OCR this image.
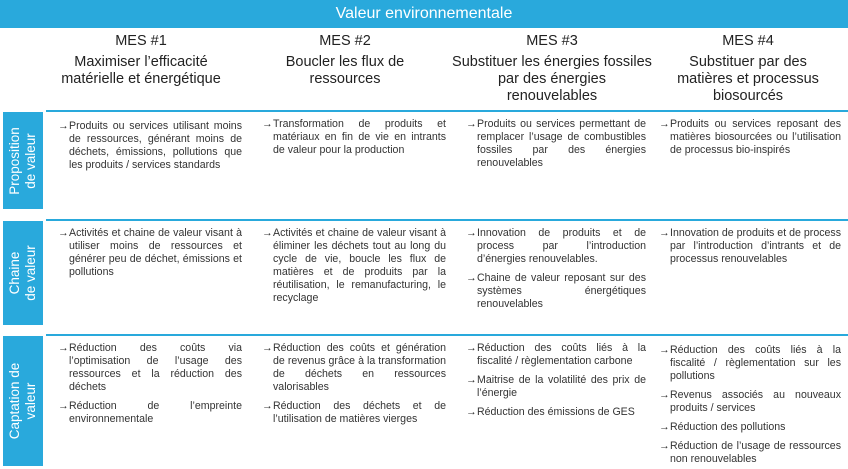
Valeur environnementale
MES #1
Maximiser l’efficacité matérielle et énergétique
MES #2
Boucler les flux de ressources
MES #3
Substituer les énergies fossiles par des énergies renouvelables
MES #4
Substituer par des matières et processus biosourcés
Proposition de valeur
Chaine de valeur
Captation de valeur
→ Produits ou services utilisant moins de ressources, générant moins de déchets, émissions, pollutions que les produits / services standards
→ Transformation de produits et matériaux en fin de vie en intrants de valeur pour la production
→ Produits ou services permettant de remplacer l’usage de combustibles fossiles par des énergies renouvelables
→ Produits ou services reposant des matières biosourcées ou l’utilisation de processus bio-inspirés
→ Activités et chaine de valeur visant à utiliser moins de ressources et générer peu de déchet, émissions et pollutions
→ Activités et chaine de valeur visant à éliminer les déchets tout au long du cycle de vie, boucle les flux de matières et de produits par la réutilisation, le remanufacturing, le recyclage
→ Innovation de produits et de process par l’introduction d’énergies renouvelables.
→ Chaine de valeur reposant sur des systèmes énergétiques renouvelables
→ Innovation de produits et de process par l’introduction d’intrants et de processus renouvelables
→ Réduction des coûts via l’optimisation de l’usage des ressources et la réduction des déchets
→ Réduction de l’empreinte environnementale
→ Réduction des coûts et génération de revenus grâce à la transformation de déchets en ressources valorisables
→ Réduction des déchets et de l’utilisation de matières vierges
→ Réduction des coûts liés à la fiscalité / règlementation carbone
→ Maitrise de la volatilité des prix de l’énergie
→ Réduction des émissions de GES
→ Réduction des coûts liés à la fiscalité / règlementation sur les pollutions
→ Revenus associés au nouveaux produits / services
→ Réduction des pollutions
→ Réduction de l’usage de ressources non renouvelables
